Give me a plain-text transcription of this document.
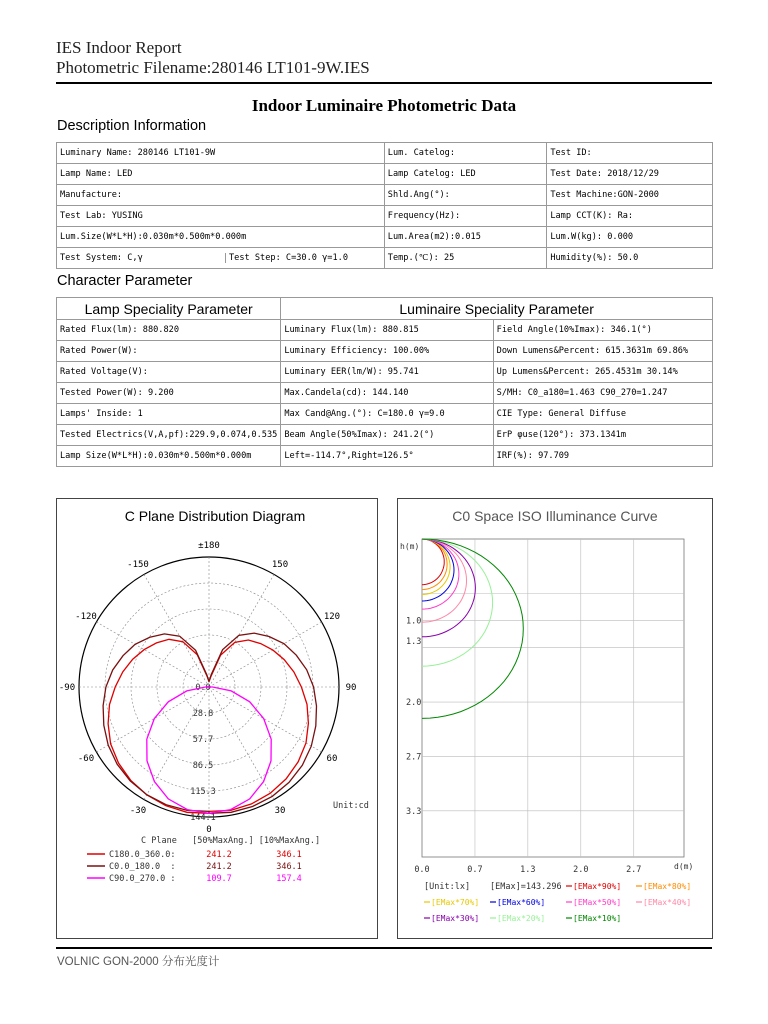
IES Indoor Report
Photometric Filename:280146 LT101-9W.IES
Indoor Luminaire Photometric Data
Description Information
Luminary Name: 280146 LT101-9W	Lum. Catelog:	Test ID:
Lamp Name: LED	Lamp Catelog: LED	Test Date: 2018/12/29
Manufacture:	Shld.Ang(°):	Test Machine:GON-2000
Test Lab: YUSING	Frequency(Hz):	Lamp CCT(K): Ra:
Lum.Size(W*L*H):0.030m*0.500m*0.000m	Lum.Area(m2):0.015	Lum.W(kg): 0.000

Test System: C,γ Test Step: C=30.0 γ=1.0	Temp.(℃): 25	Humidity(%): 50.0
Character Parameter
Lamp Speciality Parameter	Luminaire Speciality Parameter	
Rated Flux(lm): 880.820	Luminary Flux(lm): 880.815	Field Angle(10%Imax): 346.1(°)
Rated Power(W):	Luminary Efficiency: 100.00%	Down Lumens&Percent: 615.3631m 69.86%
Rated Voltage(V):	Luminary EER(lm/W): 95.741	Up Lumens&Percent: 265.4531m 30.14%
Tested Power(W): 9.200	Max.Candela(cd): 144.140	S/MH: C0_a180=1.463 C90_270=1.247
Lamps' Inside: 1	Max Cand@Ang.(°): C=180.0 γ=9.0	CIE Type: General Diffuse
Tested Electrics(V,A,pf):229.9,0.074,0.535	Beam Angle(50%Imax): 241.2(°)	ErP φuse(120°): 373.1341m
Lamp Size(W*L*H):0.030m*0.500m*0.000m	Left=-114.7°,Right=126.5°	IRF(%): 97.709
C Plane Distribution Diagram
±180
-150	150
-120	120
-90	90
-60	60
-30	30
0
0.0
28.8
57.7
86.5
115.3
144.1
Unit:cd
C Plane   [50%MaxAng.] [10%MaxAng.]
C180.0_360.0:	241.2	346.1
C0.0_180.0  :	241.2	346.1
C90.0_270.0 :	109.7	157.4
C0 Space ISO Illuminance Curve
h(m)
d(m)
0.0	0.7	1.3	2.0	2.7
1.0
1.3
2.0
2.7
3.3
[Unit:lx] [EMax]=143.296 [EMax*90%]	[EMax*80%]
[EMax*70%] [EMax*60%]	[EMax*50%]	[EMax*40%]
[EMax*30%] [EMax*20%]	[EMax*10%]
VOLNIC GON-2000 分布光度计
